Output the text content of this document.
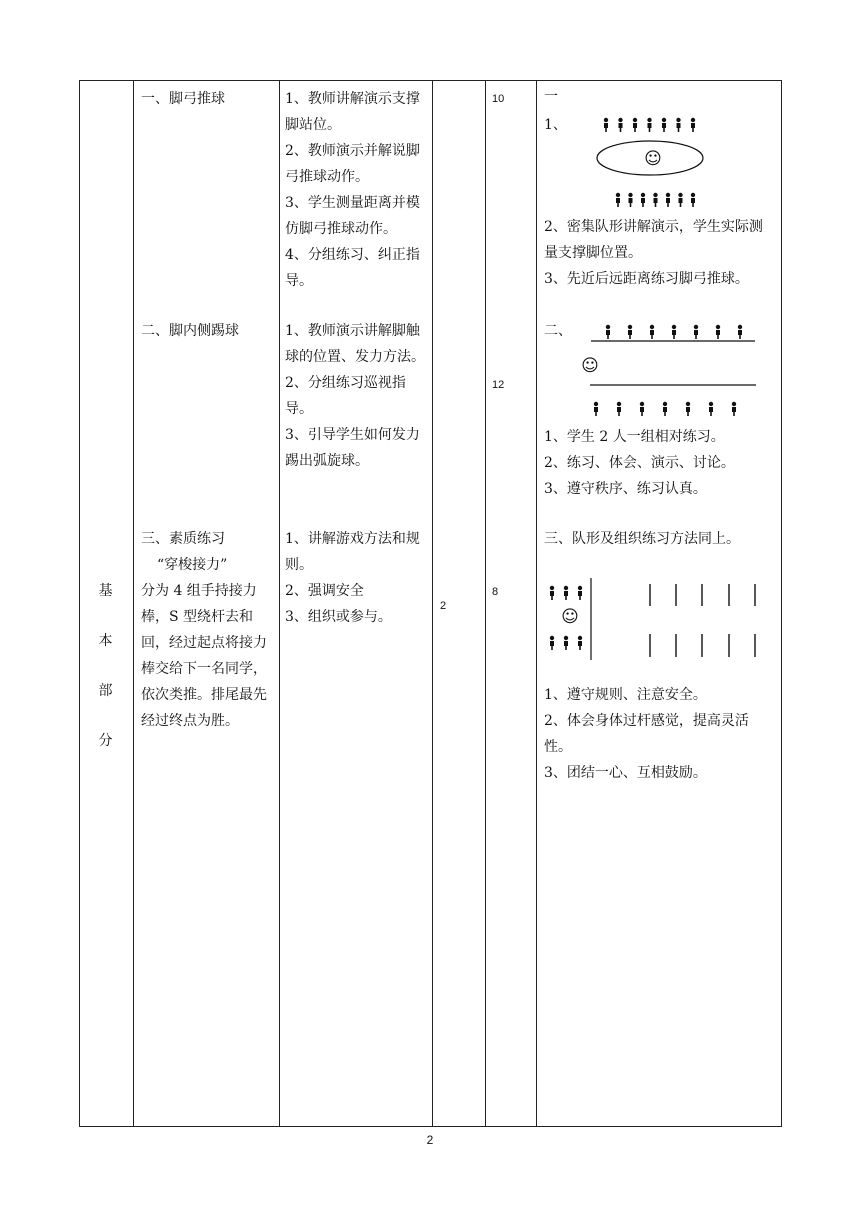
基
本
部
分
一、脚弓推球
二、脚内侧踢球

三、素质练习

“穿梭接力”

分为 4 组手持接力棒，S 型绕杆去和回，经过起点将接力棒交给下一名同学，依次类推。排尾最先经过终点为胜。

1、教师讲解演示支撑脚站位。

2、教师演示并解说脚弓推球动作。

3、学生测量距离并模仿脚弓推球动作。

4、分组练习、纠正指导。

1、教师演示讲解脚触球的位置、发力方法。

2、分组练习巡视指导。

3、引导学生如何发力踢出弧旋球。

1、讲解游戏方法和规则。

2、强调安全

3、组织或参与。

2
10
12
8
一
1、
☺

2、密集队形讲解演示，学生实际测量支撑脚位置。

3、先近后远距离练习脚弓推球。

二、
☺

1、学生 2 人一组相对练习。

2、练习、体会、演示、讨论。

3、遵守秩序、练习认真。

三、队形及组织练习方法同上。
☺

1、遵守规则、注意安全。

2、体会身体过杆感觉，提高灵活性。

3、团结一心、互相鼓励。

2
